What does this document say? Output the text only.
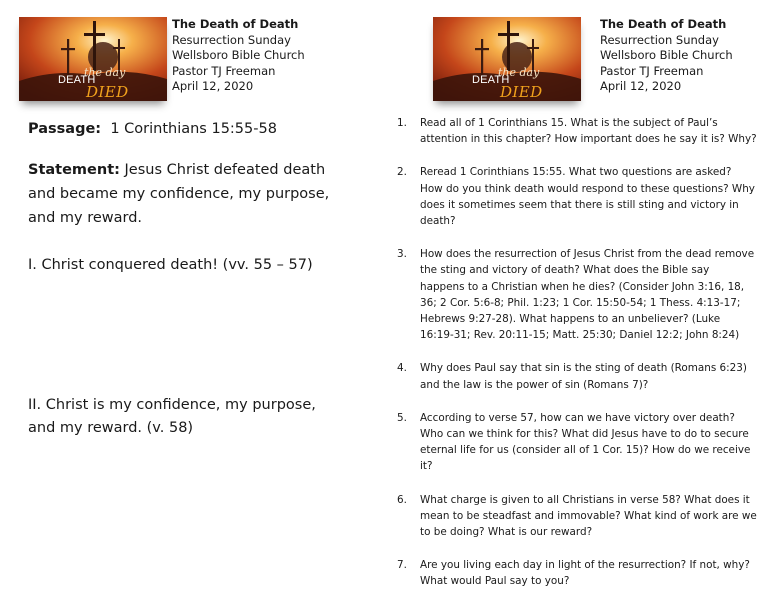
the day
DEATH
DIED
The Death of Death
Resurrection Sunday
Wellsboro Bible Church
Pastor TJ Freeman
April 12, 2020
Passage: 1 Corinthians 15:55-58
Statement: Jesus Christ defeated death and became my confidence, my purpose, and my reward.
I. Christ conquered death! (vv. 55 – 57)
II. Christ is my confidence, my purpose, and my reward. (v. 58)
the day
DEATH
DIED
The Death of Death
Resurrection Sunday
Wellsboro Bible Church
Pastor TJ Freeman
April 12, 2020
1. Read all of 1 Corinthians 15. What is the subject of Paul’s attention in this chapter? How important does he say it is? Why?
2. Reread 1 Corinthians 15:55. What two questions are asked? How do you think death would respond to these questions? Why does it sometimes seem that there is still sting and victory in death?
3. How does the resurrection of Jesus Christ from the dead remove the sting and victory of death? What does the Bible say happens to a Christian when he dies? (Consider John 3:16, 18, 36; 2 Cor. 5:6-8; Phil. 1:23; 1 Cor. 15:50-54; 1 Thess. 4:13-17; Hebrews 9:27-28). What happens to an unbeliever? (Luke 16:19-31; Rev. 20:11-15; Matt. 25:30; Daniel 12:2; John 8:24)
4. Why does Paul say that sin is the sting of death (Romans 6:23) and the law is the power of sin (Romans 7)?
5. According to verse 57, how can we have victory over death? Who can we think for this? What did Jesus have to do to secure eternal life for us (consider all of 1 Cor. 15)? How do we receive it?
6. What charge is given to all Christians in verse 58? What does it mean to be steadfast and immovable? What kind of work are we to be doing? What is our reward?
7. Are you living each day in light of the resurrection? If not, why? What would Paul say to you?
